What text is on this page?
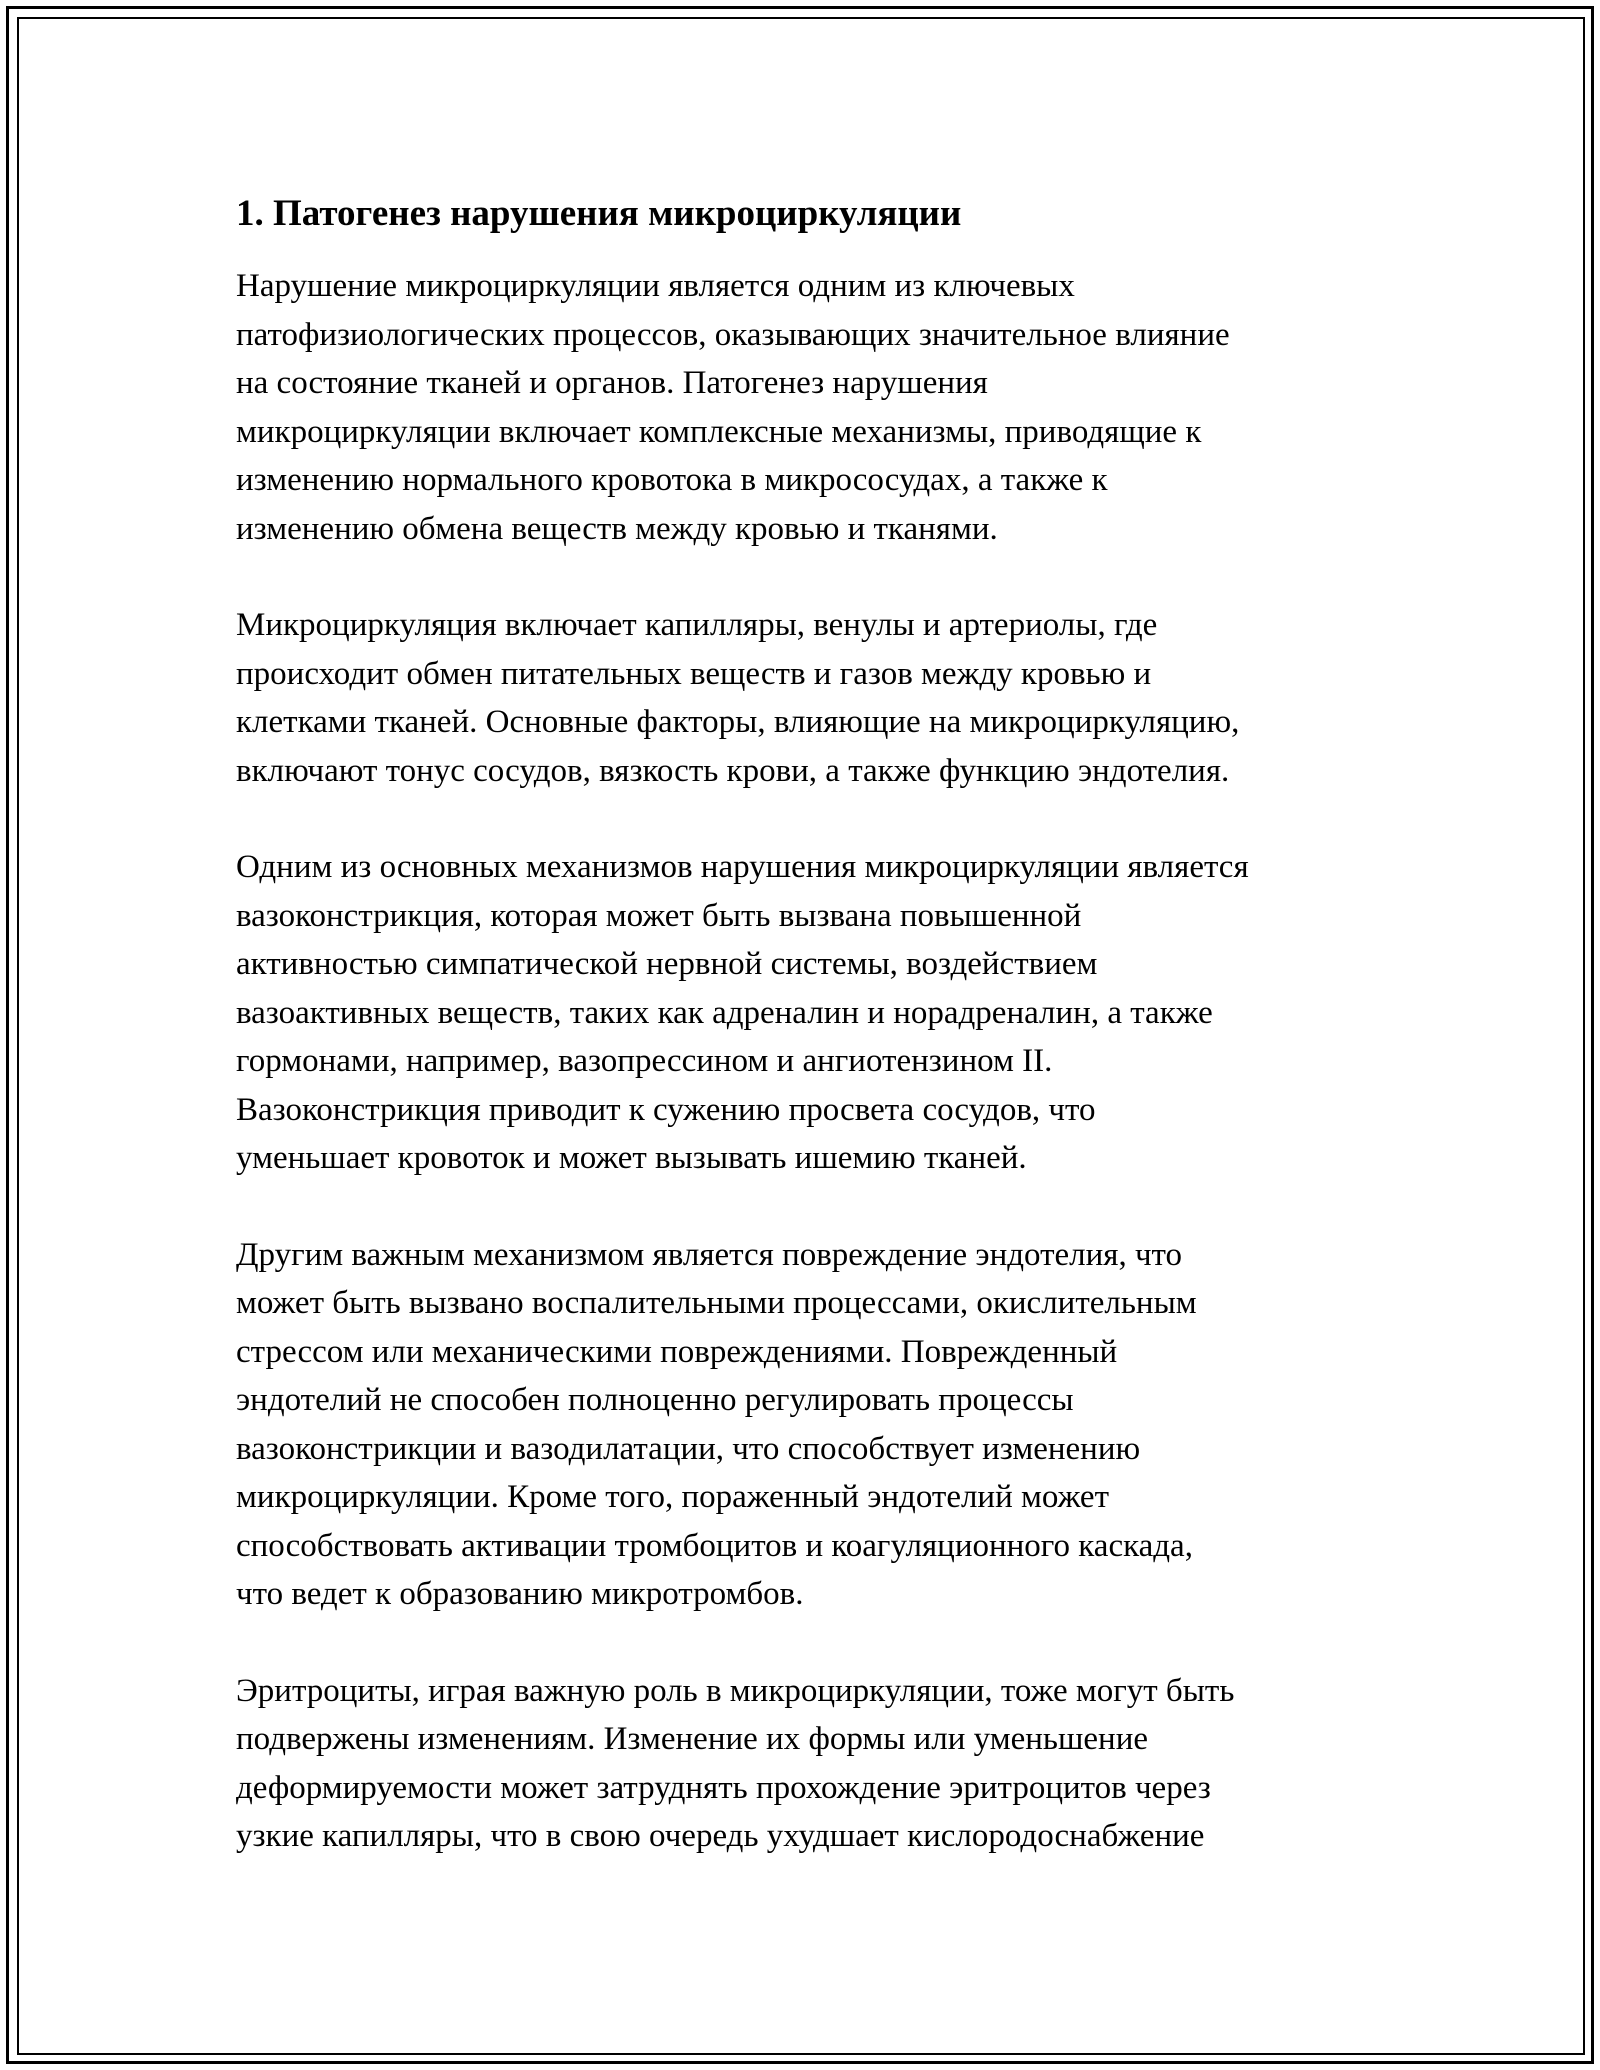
1. Патогенез нарушения микроциркуляции

Нарушение микроциркуляции является одним из ключевых
патофизиологических процессов, оказывающих значительное влияние
на состояние тканей и органов. Патогенез нарушения
микроциркуляции включает комплексные механизмы, приводящие к
изменению нормального кровотока в микрососудах, а также к
изменению обмена веществ между кровью и тканями.

Микроциркуляция включает капилляры, венулы и артериолы, где
происходит обмен питательных веществ и газов между кровью и
клетками тканей. Основные факторы, влияющие на микроциркуляцию,
включают тонус сосудов, вязкость крови, а также функцию эндотелия.

Одним из основных механизмов нарушения микроциркуляции является
вазоконстрикция, которая может быть вызвана повышенной
активностью симпатической нервной системы, воздействием
вазоактивных веществ, таких как адреналин и норадреналин, а также
гормонами, например, вазопрессином и ангиотензином II.
Вазоконстрикция приводит к сужению просвета сосудов, что
уменьшает кровоток и может вызывать ишемию тканей.

Другим важным механизмом является повреждение эндотелия, что
может быть вызвано воспалительными процессами, окислительным
стрессом или механическими повреждениями. Поврежденный
эндотелий не способен полноценно регулировать процессы
вазоконстрикции и вазодилатации, что способствует изменению
микроциркуляции. Кроме того, пораженный эндотелий может
способствовать активации тромбоцитов и коагуляционного каскада,
что ведет к образованию микротромбов.

Эритроциты, играя важную роль в микроциркуляции, тоже могут быть
подвержены изменениям. Изменение их формы или уменьшение
деформируемости может затруднять прохождение эритроцитов через
узкие капилляры, что в свою очередь ухудшает кислородоснабжение
